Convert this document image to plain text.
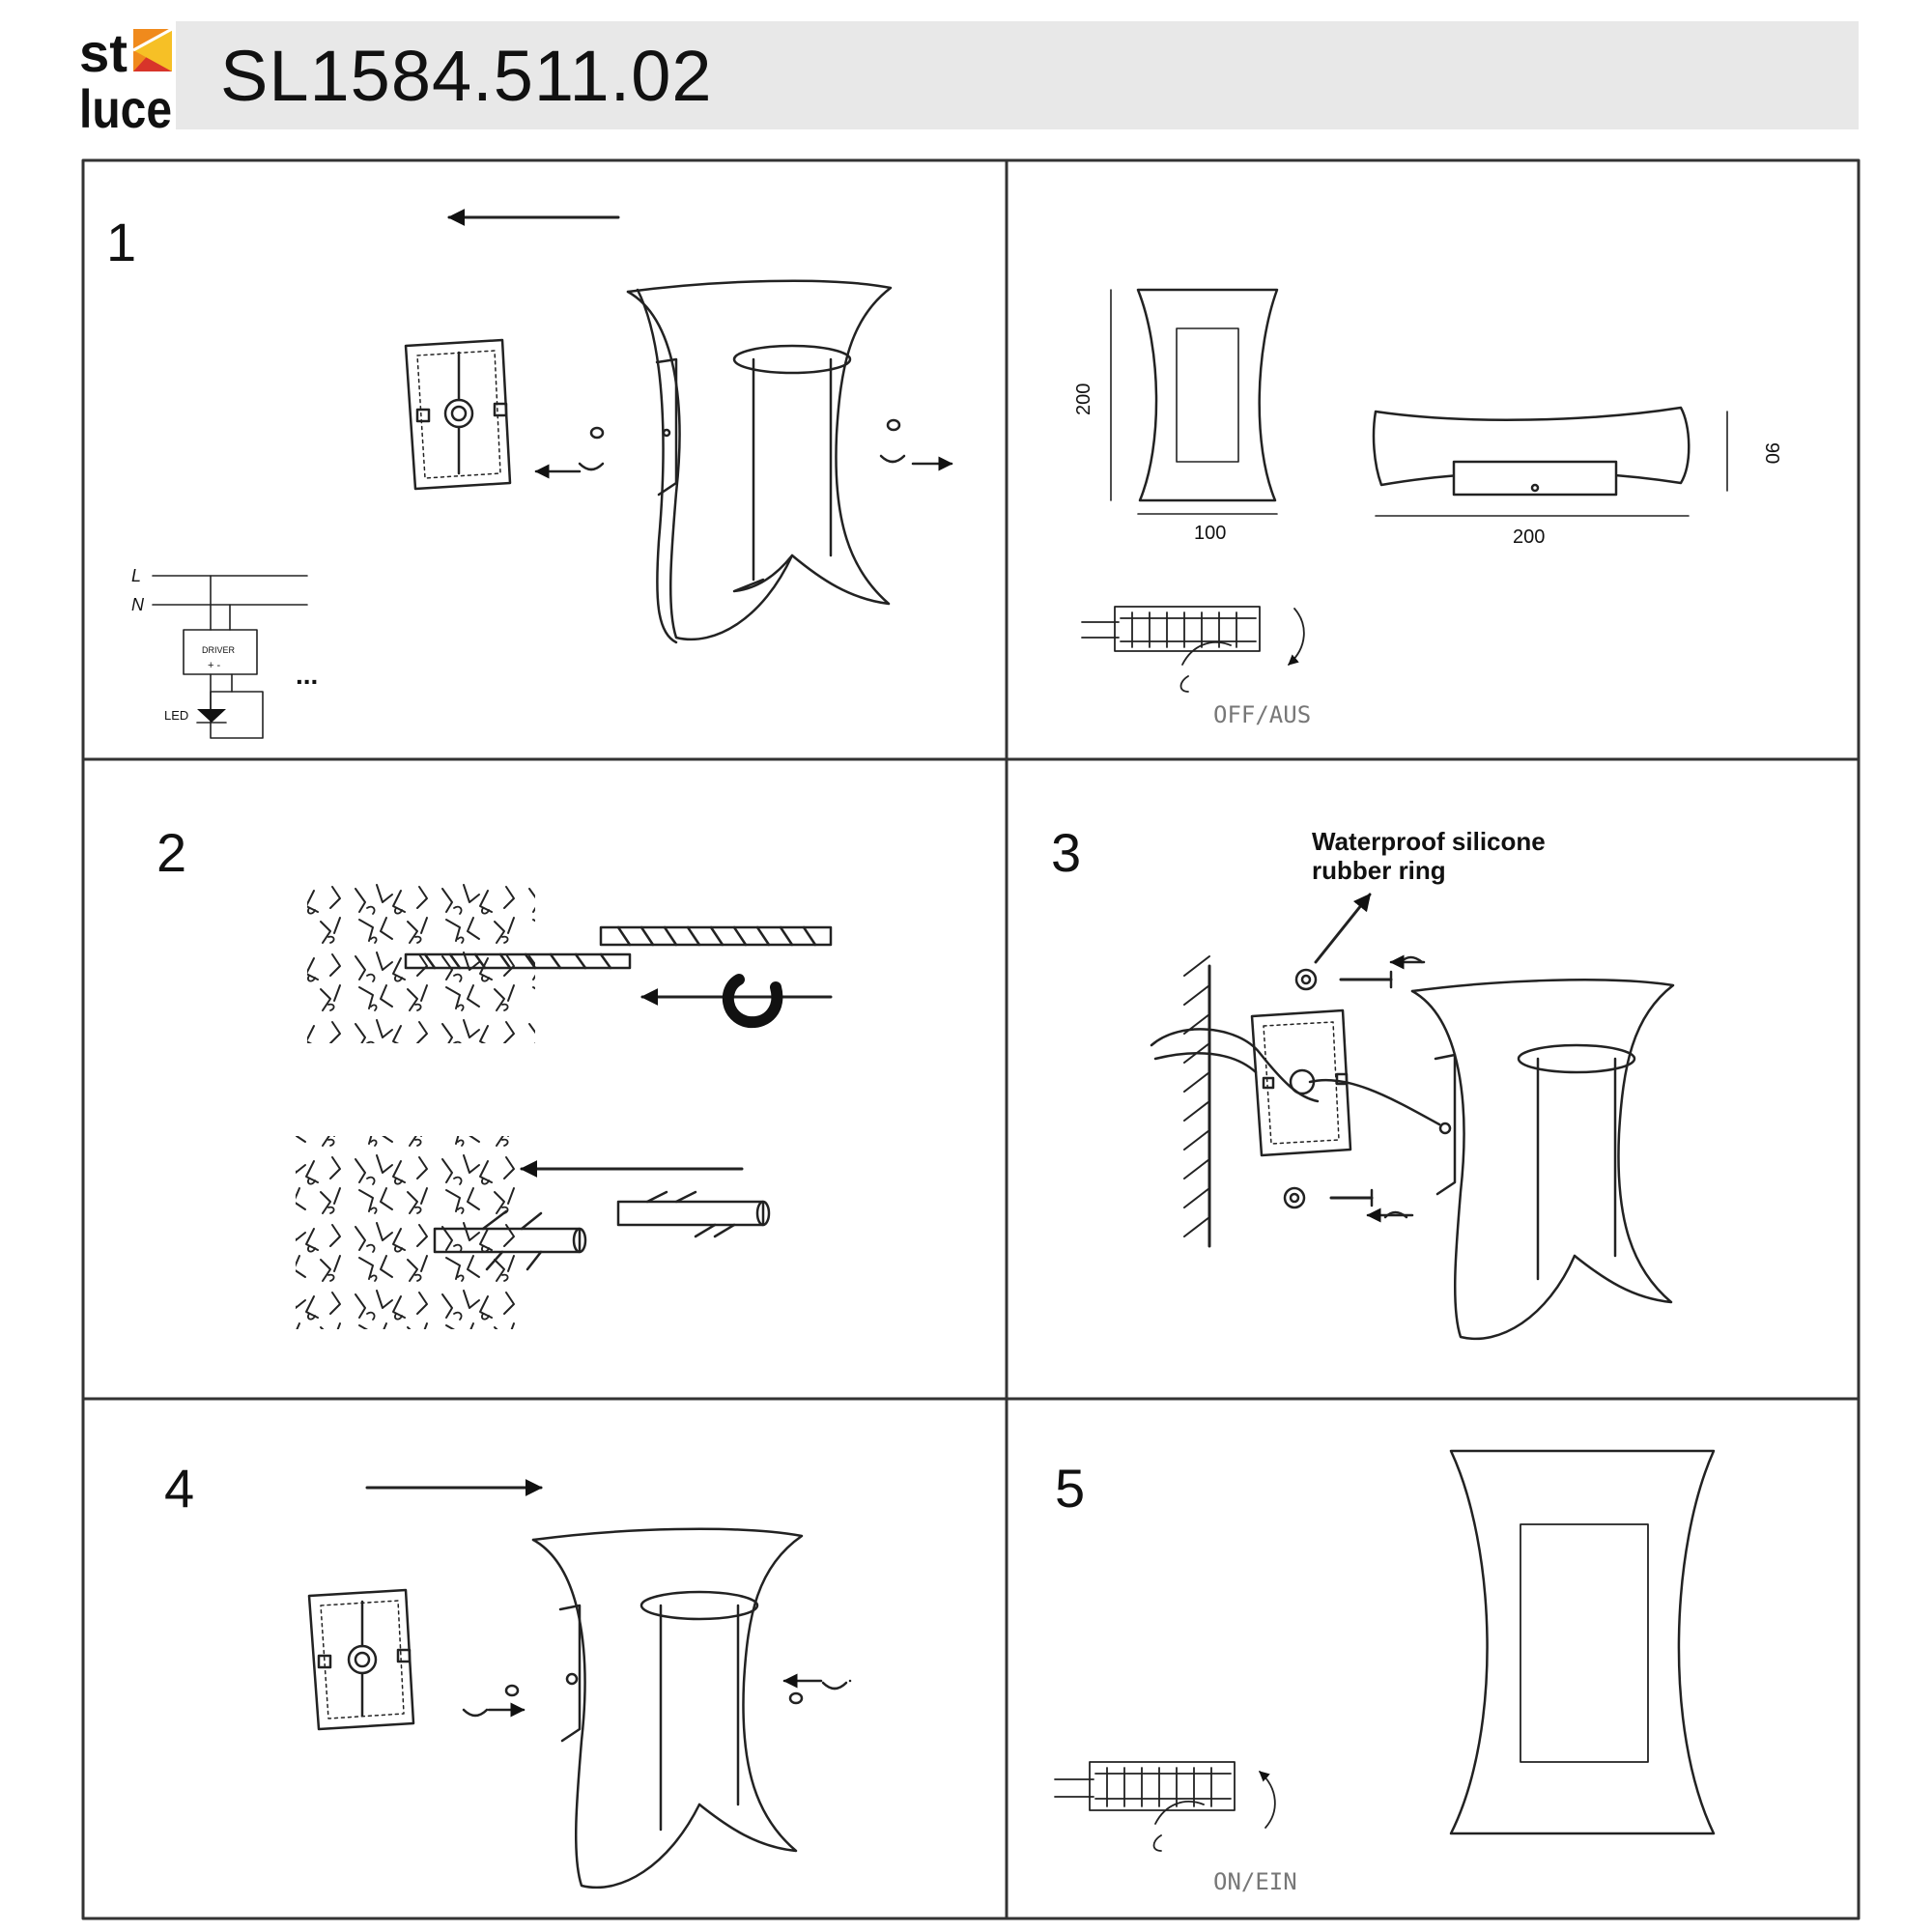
st
luce SL1584.511.02
1
L
N
DRIVER
+ -
LED
...
200
100
90
200
OFF/AUS
2	3	Waterproof silicone
rubber ring
4	5
ON/EIN
